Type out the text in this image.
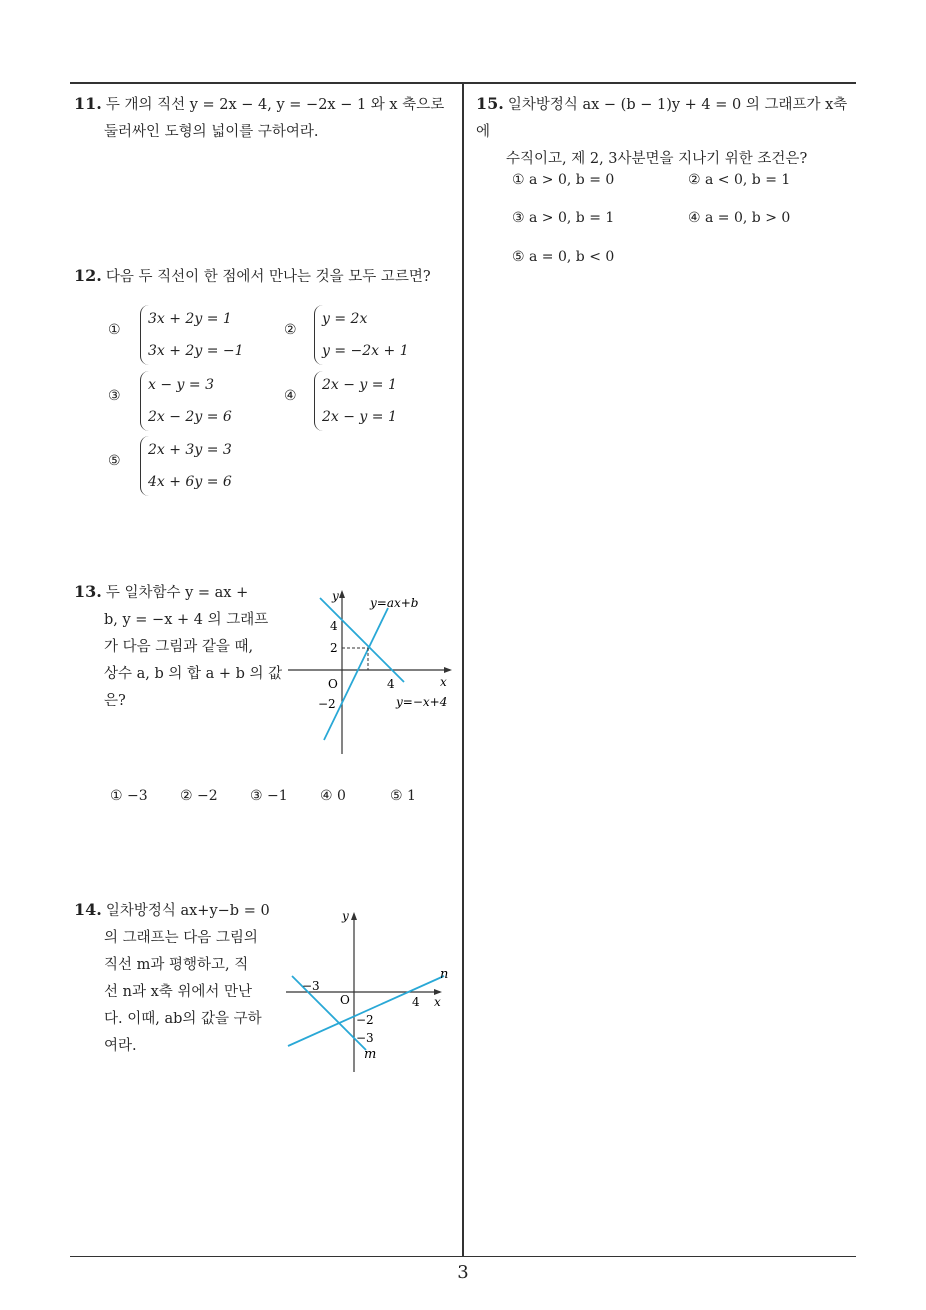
11. 두 개의 직선 y = 2x − 4, y = −2x − 1 와 x 축으로
둘러싸인 도형의 넓이를 구하여라.
12. 다음 두 직선이 한 점에서 만나는 것을 모두 고르면?
①
3x + 2y = 1
3x + 2y = −1
②
y = 2x
y = −2x + 1
③
x − y = 3
2x − 2y = 6
④
2x − y = 1
2x − y = 1
⑤
2x + 3y = 3
4x + 6y = 6
13. 두 일차함수 y = ax +
b, y = −x + 4 의 그래프
가 다음 그림과 같을 때,
상수 a, b 의 합 a + b 의 값
은?
y
x
O
4
2
−2
4
y=ax+b
y=−x+4
① −3 ② −2 ③ −1 ④ 0	⑤ 1
14. 일차방정식 ax+y−b = 0
의 그래프는 다음 그림의
직선 m과 평행하고, 직
선 n과 x축 위에서 만난
다. 이때, ab의 값을 구하
여라.
y
x
O
−3
4
−2
−3
m
n
15. 일차방정식 ax − (b − 1)y + 4 = 0 의 그래프가 x축에
수직이고, 제 2, 3사분면을 지나기 위한 조건은?
① a > 0, b = 0	② a < 0, b = 1
③ a > 0, b = 1	④ a = 0, b > 0
⑤ a = 0, b < 0
3
